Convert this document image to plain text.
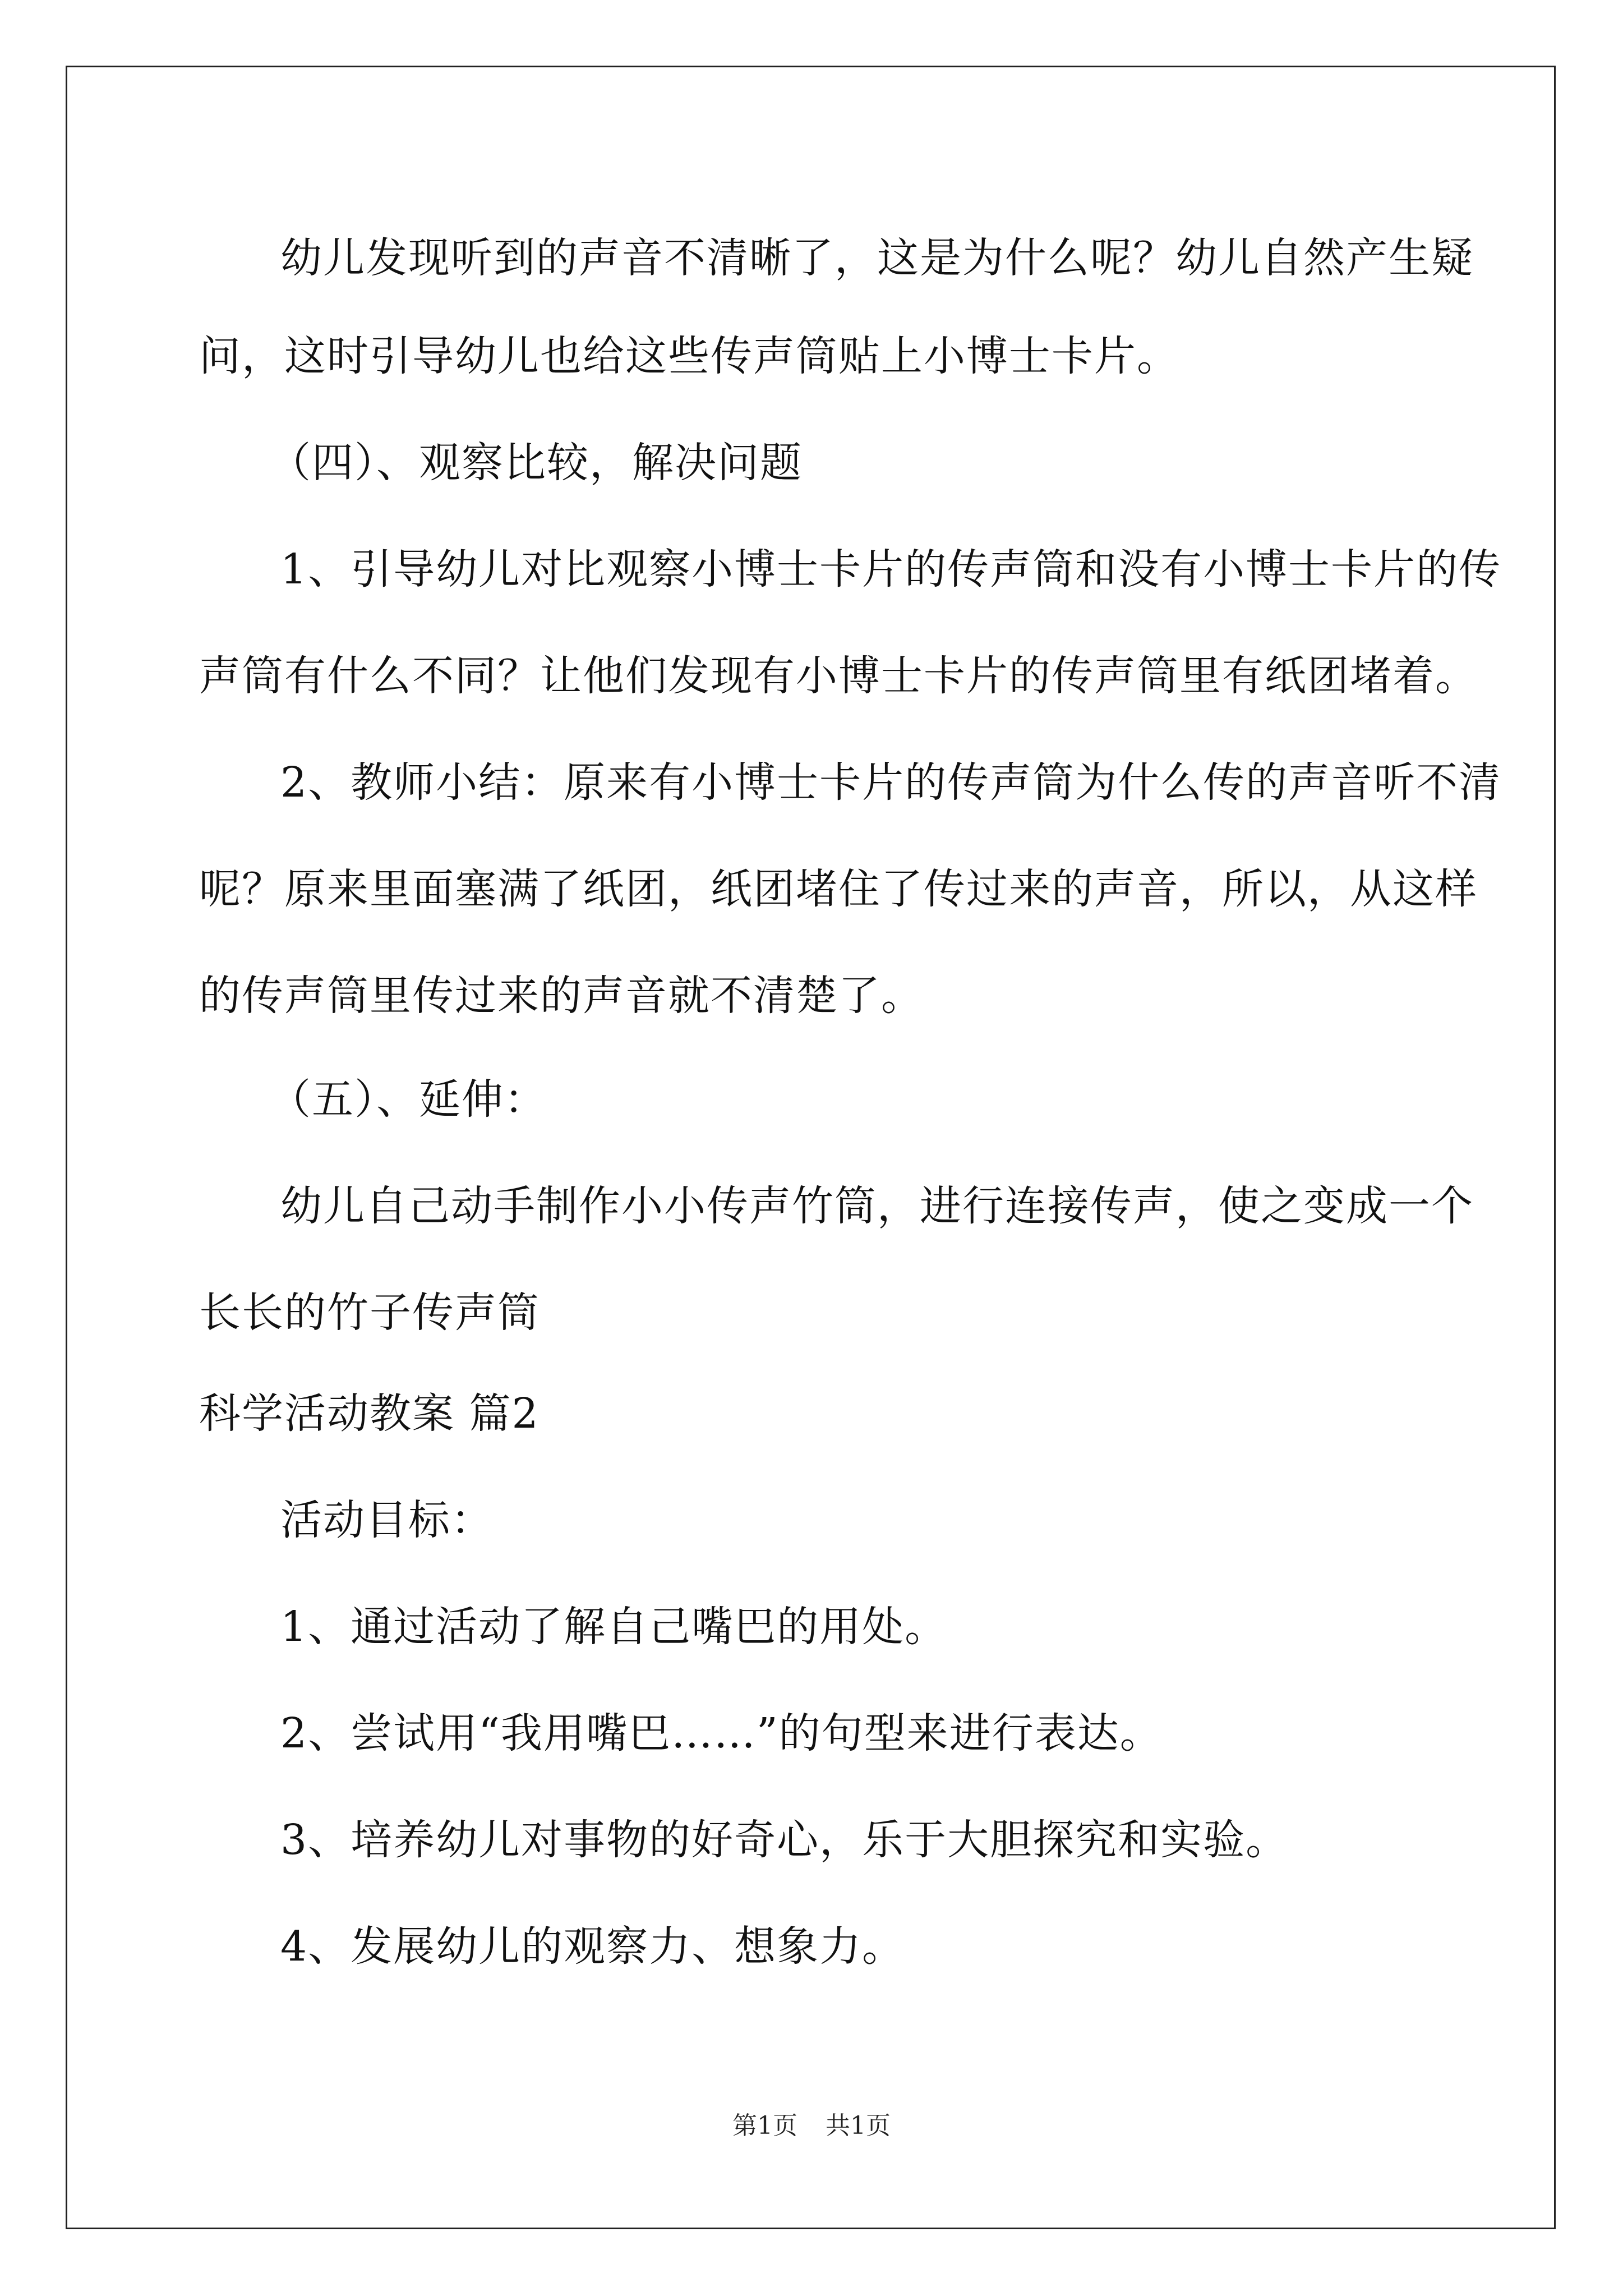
幼儿发现听到的声音不清晰了，这是为什么呢？幼儿自然产生疑
问，这时引导幼儿也给这些传声筒贴上小博士卡片。
（四）、观察比较，解决问题
1、引导幼儿对比观察小博士卡片的传声筒和没有小博士卡片的传
声筒有什么不同？让他们发现有小博士卡片的传声筒里有纸团堵着。
2、教师小结：原来有小博士卡片的传声筒为什么传的声音听不清
呢？原来里面塞满了纸团，纸团堵住了传过来的声音，所以，从这样
的传声筒里传过来的声音就不清楚了。
（五）、延伸：
幼儿自己动手制作小小传声竹筒，进行连接传声，使之变成一个
长长的竹子传声筒
科学活动教案 篇2
活动目标：
1、通过活动了解自己嘴巴的用处。
2、尝试用“我用嘴巴……”的句型来进行表达。
3、培养幼儿对事物的好奇心，乐于大胆探究和实验。
4、发展幼儿的观察力、想象力。
第1页 共1页
